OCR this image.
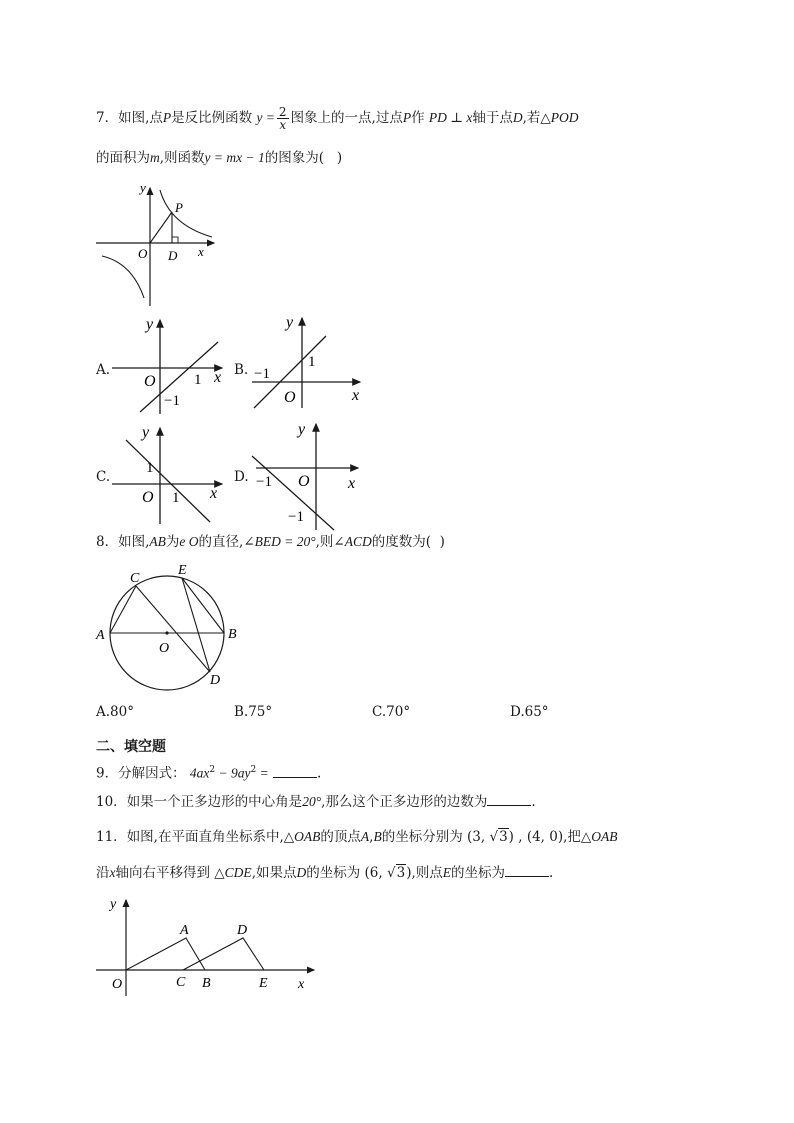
7．如图,点P是反比例函数 $y = \frac{2}{x}$ 图象上的一点,过点P作 PD ⊥ x轴于点D,若△POD
的面积为m,则函数y = mx − 1的图象为( )
y
P
O D x
A.
y
O	1 x
−1
B.
y
−1
1
O	x
C.
y
1
O 1 x
D.
y
−1 O x
−1
8．如图,AB为e O的直径,∠BED = 20°,则∠ACD的度数为( )
C
E
A	B
O
D
A.80°	B.75°	C.70°	D.65°
二、填空题
9．分解因式： $4ax^2 - 9ay^2$ =	.
10．如果一个正多边形的中心角是20°,那么这个正多边形的边数为	.
11．如图,在平面直角坐标系中,△OAB的顶点A,B的坐标分别为 (3, √3) , (4, 0),把△OAB
沿x轴向右平移得到 △CDE,如果点D的坐标为 (6, √3),则点E的坐标为	.
y
A	D
O	C B	E x
